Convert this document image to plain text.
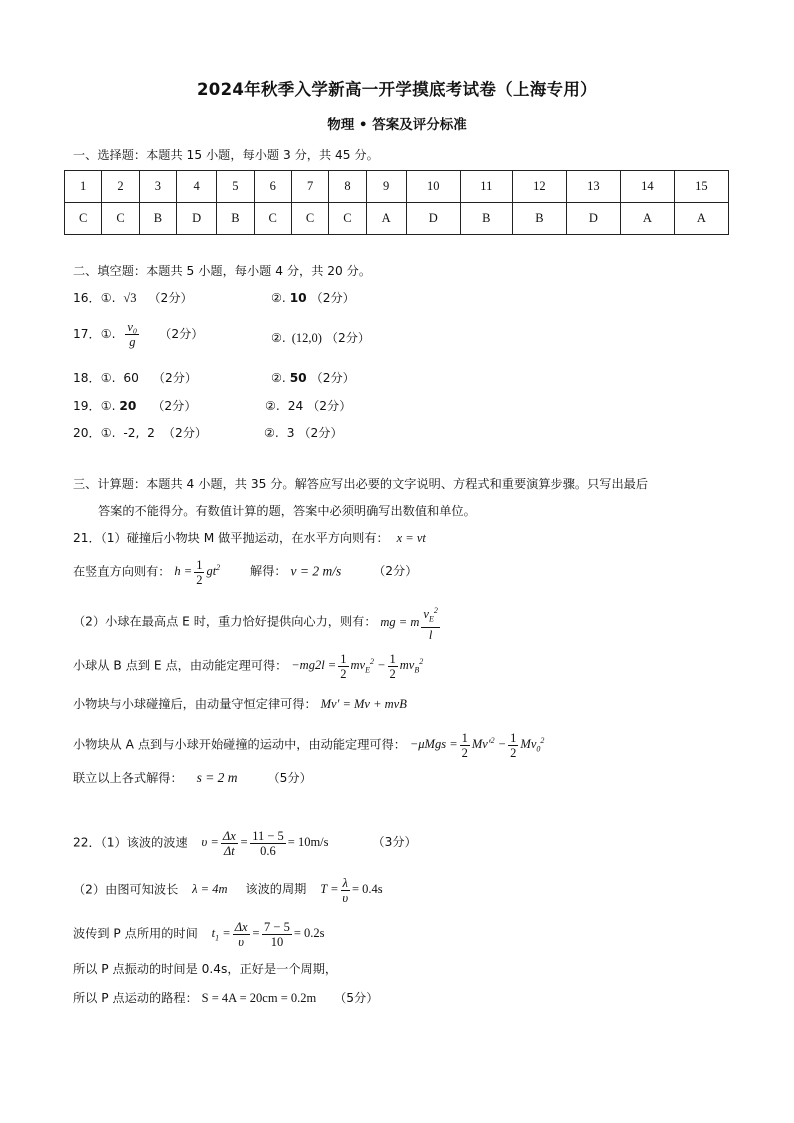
2024年秋季入学新高一开学摸底考试卷（上海专用）
物理 • 答案及评分标准
一、选择题：本题共 15 小题，每小题 3 分，共 45 分。
1	2	3	4	5	6	7	8	9	10	11	12	13	14	15
C	C	B	D	B	C	C	C	A	D	B	B	D	A	A
二、填空题：本题共 5 小题，每小题 4 分，共 20 分。
16．①. √3 （2分）	②. 10 （2分）
17．①. $\frac{\text{v₀}}{g} (2$分）	②. (12,0) （2分）
18．①. 60 （2分）	②. 50 （2分）
19．①. 20 （2分）	②. 24 （2分）
20．①. -2,  2 （2分）	②. 3 （2分）
三、计算题：本题共 4 小题，共 35 分。解答应写出必要的文字说明、方程式和重要演算步骤。只写出最后
答案的不能得分。有数值计算的题，答案中必须明确写出数值和单位。
21．（1）碰撞后小物块 M 做平抛运动，在水平方向则有： x = vt
在竖直方向则有： $h = \frac{1}{2} gt^2$ 解得： v = 2 m/s	（2分）
（2）小球在最高点 E 时，重力恰好提供向心力，则有： mg = m $\frac{v_E^2}{l}$
小球从 B 点到 E 点，由动能定理可得： $-mg2l = \frac{1}{2} mv_E^2 - \frac{1}{2} mv_B^2$
小物块与小球碰撞后，由动量守恒定律可得： Mv′ = Mv + mvB
小物块从 A 点到与小球开始碰撞的运动中，由动能定理可得： $-\mu Mgs = \frac{1}{2} Mv'^2 - \frac{1}{2} Mv_0^2$
联立以上各式解得： s = 2 m （5分）
22．（1）该波的波速 $\upsilon = \frac{\Delta x}{\Delta t} = \frac{11 - 5}{0.6} = 10m/s$	（3分）
（2）由图可知波长 λ = 4m 该波的周期 $T = \frac{\lambda}{\upsilon} = 0.4s$
波传到 P 点所用的时间 $t_1 = \frac{\Delta x}{\upsilon} = \frac{7 - 5}{10} = 0.2s$
所以 P 点振动的时间是 0.4s，正好是一个周期，
所以 P 点运动的路程： S = 4A = 20cm = 0.2m （5分）
